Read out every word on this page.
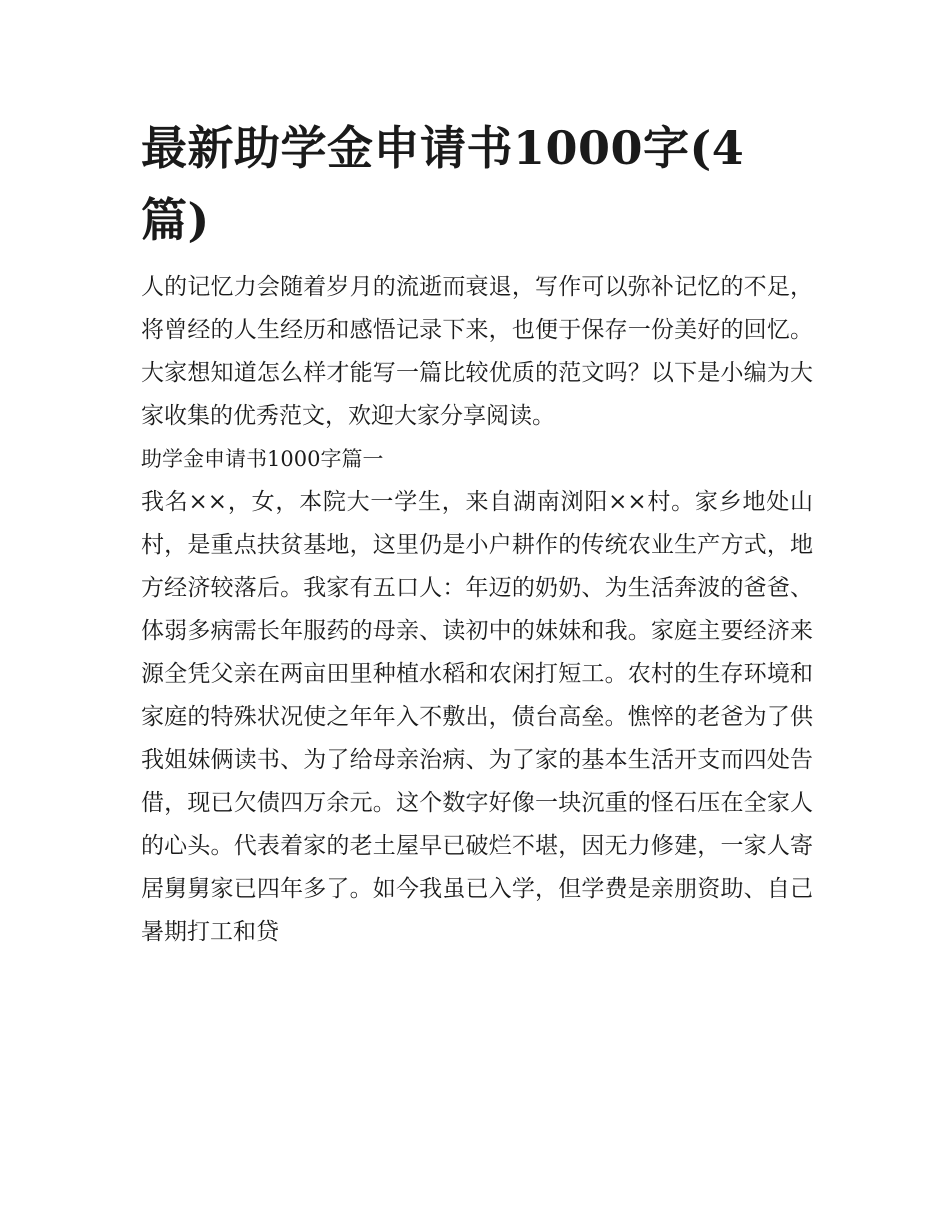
最新助学金申请书1000字(4篇)

人的记忆力会随着岁月的流逝而衰退，写作可以弥补记忆的不足，将曾经的人生经历和感悟记录下来，也便于保存一份美好的回忆。大家想知道怎么样才能写一篇比较优质的范文吗？以下是小编为大家收集的优秀范文，欢迎大家分享阅读。

助学金申请书1000字篇一

我名××，女，本院大一学生，来自湖南浏阳××村。家乡地处山村，是重点扶贫基地，这里仍是小户耕作的传统农业生产方式，地方经济较落后。我家有五口人：年迈的奶奶、为生活奔波的爸爸、体弱多病需长年服药的母亲、读初中的妹妹和我。家庭主要经济来源全凭父亲在两亩田里种植水稻和农闲打短工。农村的生存环境和家庭的特殊状况使之年年入不敷出，债台高垒。憔悴的老爸为了供我姐妹俩读书、为了给母亲治病、为了家的基本生活开支而四处告借，现已欠债四万余元。这个数字好像一块沉重的怪石压在全家人的心头。代表着家的老土屋早已破烂不堪，因无力修建，一家人寄居舅舅家已四年多了。如今我虽已入学，但学费是亲朋资助、自己暑期打工和贷
